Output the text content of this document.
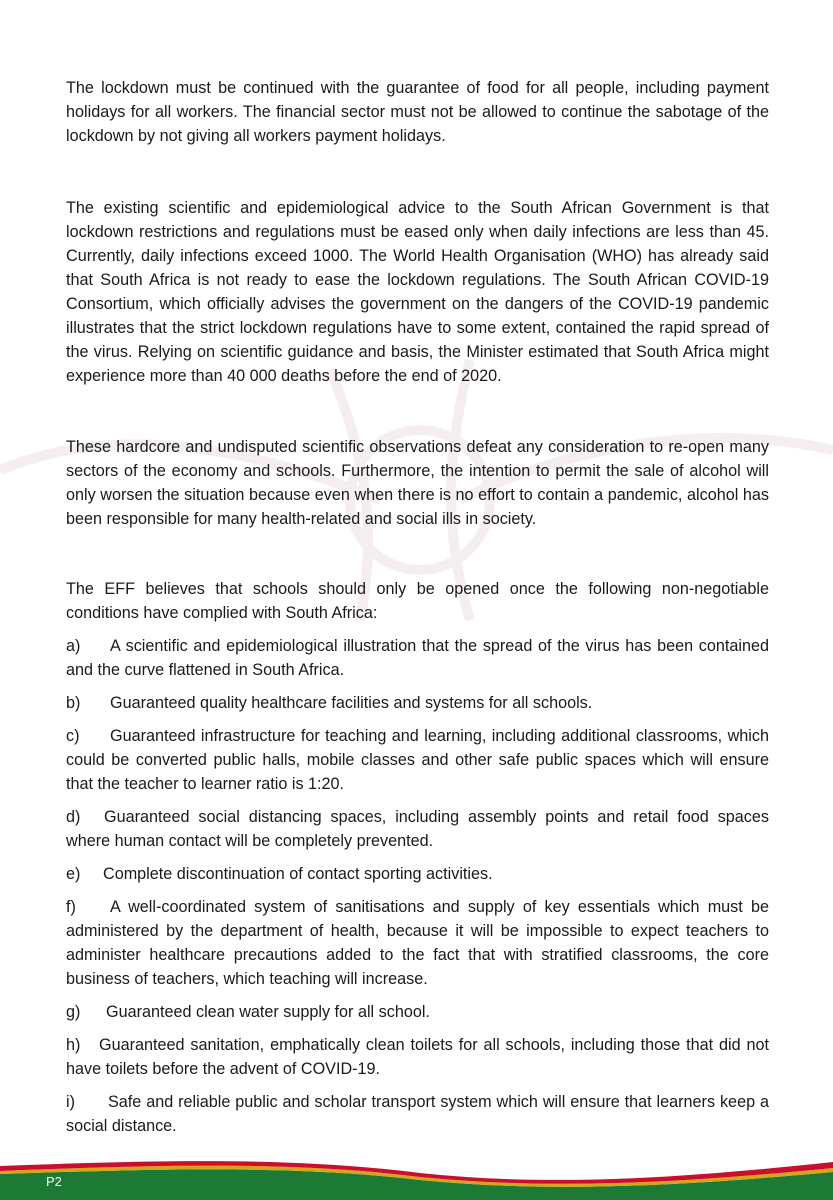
The lockdown must be continued with the guarantee of food for all people, including payment holidays for all workers. The financial sector must not be allowed to continue the sabotage of the lockdown by not giving all workers payment holidays.

The existing scientific and epidemiological advice to the South African Government is that lockdown restrictions and regulations must be eased only when daily infections are less than 45. Currently, daily infections exceed 1000. The World Health Organisation (WHO) has already said that South Africa is not ready to ease the lockdown regulations. The South African COVID-19 Consortium, which officially advises the government on the dangers of the COVID-19 pandemic illustrates that the strict lockdown regulations have to some extent, contained the rapid spread of the virus. Relying on scientific guidance and basis, the Minister estimated that South Africa might experience more than 40 000 deaths before the end of 2020.

These hardcore and undisputed scientific observations defeat any consideration to re-open many sectors of the economy and schools. Furthermore, the intention to permit the sale of alcohol will only worsen the situation because even when there is no effort to contain a pandemic, alcohol has been responsible for many health-related and social ills in society.

The EFF believes that schools should only be opened once the following non-negotiable conditions have complied with South Africa:

a) A scientific and epidemiological illustration that the spread of the virus has been contained and the curve flattened in South Africa.

b) Guaranteed quality healthcare facilities and systems for all schools.

c) Guaranteed infrastructure for teaching and learning, including additional classrooms, which could be converted public halls, mobile classes and other safe public spaces which will ensure that the teacher to learner ratio is 1:20.

d) Guaranteed social distancing spaces, including assembly points and retail food spaces where human contact will be completely prevented.

e) Complete discontinuation of contact sporting activities.

f) A well-coordinated system of sanitisations and supply of key essentials which must be administered by the department of health, because it will be impossible to expect teachers to administer healthcare precautions added to the fact that with stratified classrooms, the core business of teachers, which teaching will increase.

g) Guaranteed clean water supply for all school.

h) Guaranteed sanitation, emphatically clean toilets for all schools, including those that did not have toilets before the advent of COVID-19.

i) Safe and reliable public and scholar transport system which will ensure that learners keep a social distance.

P2
